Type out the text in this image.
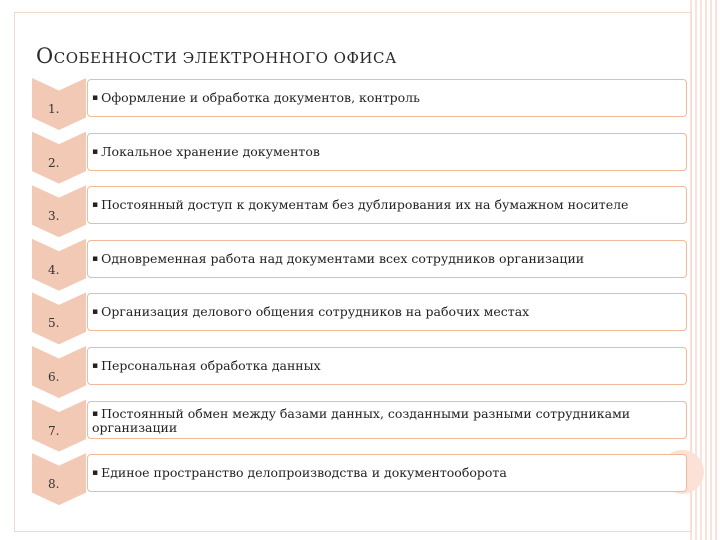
ОСОБЕННОСТИ ЭЛЕКТРОННОГО ОФИСА
1.
▪ Оформление и обработка документов, контроль
2.
▪ Локальное хранение документов
3.
▪ Постоянный доступ к документам без дублирования их на бумажном носителе
4.
▪ Одновременная работа над документами всех сотрудников организации
5.
▪ Организация делового общения сотрудников на рабочих местах
6.
▪ Персональная обработка данных
7.
▪ Постоянный обмен между базами данных, созданными разными сотрудниками организации
8.
▪ Единое пространство делопроизводства и документооборота
